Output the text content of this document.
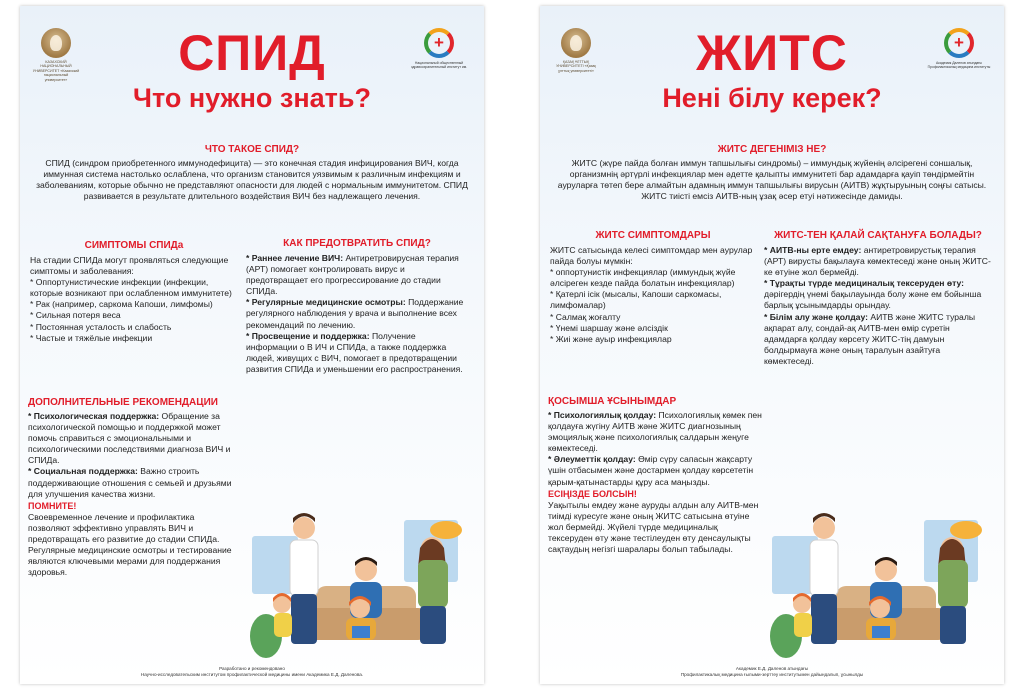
КАЗАХСКИЙ НАЦИОНАЛЬНЫЙ УНИВЕРСИТЕТ «Казахский национальный университет»
+
Национальный общественный здравоохранительный институт им.
СПИД
Что нужно знать?
ЧТО ТАКОЕ СПИД?

СПИД (синдром приобретенного иммунодефицита) — это конечная стадия инфицирования ВИЧ, когда иммунная система настолько ослаблена, что организм становится уязвимым к различным инфекциям и заболеваниям, которые обычно не представляют опасности для людей с нормальным иммунитетом. СПИД развивается в результате длительного воздействия ВИЧ без надлежащего лечения.

СИМПТОМЫ СПИДа

На стадии СПИДа могут проявляться следующие симптомы и заболевания:

* Оппортунистические инфекции (инфекции, которые возникают при ослабленном иммунитете)

* Рак (например, саркома Капоши, лимфомы)

* Сильная потеря веса

* Постоянная усталость и слабость

* Частые и тяжёлые инфекции

КАК ПРЕДОТВРАТИТЬ СПИД?

* Раннее лечение ВИЧ: Антиретровирусная терапия (АРТ) помогает контролировать вирус и предотвращает его прогрессирование до стадии СПИДа.

* Регулярные медицинские осмотры: Поддержание регулярного наблюдения у врача и выполнение всех рекомендаций по лечению.

* Просвещение и поддержка: Получение информации о В ИЧ и СПИДа, а также поддержка людей, живущих с ВИЧ, помогает в предотвращении развития СПИДа и уменьшении его распространения.

ДОПОЛНИТЕЛЬНЫЕ РЕКОМЕНДАЦИИ

* Психологическая поддержка: Обращение за психологической помощью и поддержкой может помочь справиться с эмоциональными и психологическими последствиями диагноза ВИЧ и СПИДа.

* Социальная поддержка: Важно строить поддерживающие отношения с семьей и друзьями для улучшения качества жизни.

ПОМНИТЕ!

Своевременное лечение и профилактика позволяют эффективно управлять ВИЧ и предотвращать его развитие до стадии СПИДа. Регулярные медицинские осмотры и тестирование являются ключевыми мерами для поддержания здоровья.

Разработано и рекомендовано
Научно-исследовательским институтом профилактической медицины имени Академика Е.Д. Даленова.
ҚАЗАҚ ҰЛТТЫҚ УНИВЕРСИТЕТІ «Қазақ ұлттық университеті»
+
Академик Даленов атындағы Профилактикалық медицина институты
ЖИТС
Нені білу керек?
ЖИТС ДЕГЕНІМІЗ НЕ?

ЖИТС (жүре пайда болған иммун тапшылығы синдромы) – иммундық жүйенің әлсірегені соншалық, организмнің әртүрлі инфекциялар мен әдетте қалыпты иммунитеті бар адамдарға қауіп төндірмейтін ауруларға төтеп бере алмайтын адамның иммун тапшылығы вирусын (АИТВ) жұқтыруының соңғы сатысы. ЖИТС тиісті емсіз АИТВ-ның ұзақ әсер етуі нәтижесінде дамиды.

ЖИТС СИМПТОМДАРЫ

ЖИТС сатысында келесі симптомдар мен аурулар пайда болуы мүмкін:

* оппортунистік инфекциялар (иммундық жүйе әлсіреген кезде пайда болатын инфекциялар)

* Қатерлі ісік (мысалы, Капоши саркомасы, лимфомалар)

* Салмақ жоғалту

* Үнемі шаршау және әлсіздік

* Жиі және ауыр инфекциялар

ЖИТС-ТЕН ҚАЛАЙ САҚТАНУҒА БОЛАДЫ?

* АИТВ-ны ерте емдеу: антиретровирустық терапия (АРТ) вирусты бақылауға көмектеседі және оның ЖИТС-ке өтуіне жол бермейді.

* Тұрақты түрде медициналық тексеруден өту: дәрігердің үнемі бақылауында болу және ем бойынша барлық ұсынымдарды орындау.

* Білім алу және қолдау: АИТВ және ЖИТС туралы ақпарат алу, сондай-ақ АИТВ-мен өмір сүретін адамдарға қолдау көрсету ЖИТС-тің дамуын болдырмауға және оның таралуын азайтуға көмектеседі.

ҚОСЫМША ҰСЫНЫМДАР

* Психологиялық қолдау: Психологиялық көмек пен қолдауға жүгіну АИТВ және ЖИТС диагнозының эмоциялық және психологиялық салдарын жеңуге көмектеседі.

* Әлеуметтік қолдау: Өмір сүру сапасын жақсарту үшін отбасымен және достармен қолдау көрсететін қарым-қатынастарды құру аса маңызды.

ЕСІҢІЗДЕ БОЛСЫН!

Уақытылы емдеу және ауруды алдын алу АИТВ-мен тиімді күресуге және оның ЖИТС сатысына өтуіне жол бермейді. Жүйелі түрде медициналық тексеруден өту және тестілеуден өту денсаулықты сақтаудың негізгі шаралары болып табылады.

Академик Е.Д. Даленов атындағы
Профилактикалық медицина ғылыми-зерттеу институтымен дайындалып, ұсынылды
